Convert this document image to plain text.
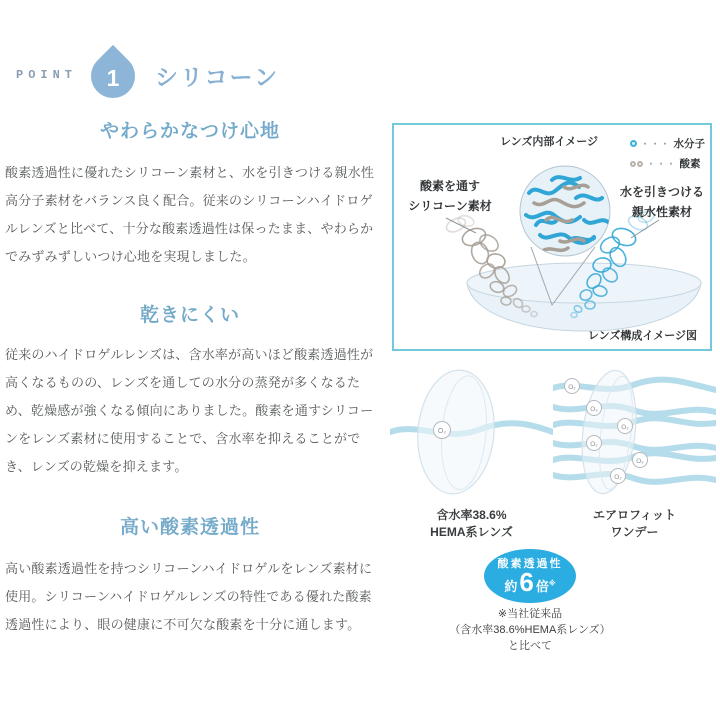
POINT	1	シリコーン
やわらかなつけ心地

酸素透過性に優れたシリコーン素材と、水を引きつける親水性高分子素材をバランス良く配合。従来のシリコーンハイドロゲルレンズと比べて、十分な酸素透過性は保ったまま、やわらかでみずみずしいつけ心地を実現しました。

乾きにくい

従来のハイドロゲルレンズは、含水率が高いほど酸素透過性が高くなるものの、レンズを通しての水分の蒸発が多くなるため、乾燥感が強くなる傾向にありました。酸素を通すシリコーンをレンズ素材に使用することで、含水率を抑えることができ、レンズの乾燥を抑えます。

高い酸素透過性

高い酸素透過性を持つシリコーンハイドロゲルをレンズ素材に使用。シリコーンハイドロゲルレンズの特性である優れた酸素透過性により、眼の健康に不可欠な酸素を十分に通します。

レンズ内部イメージ	・・・ 水分子
・・・ 酸素
酸素を通す
シリコーン素材
水を引きつける
親水性素材
レンズ構成イメージ図
O₂
含水率38.6%
HEMA系レンズ
O₂
O₂
O₂
O₂
O₂
O₂
エアロフィット
ワンデー
酸素透過性
約6 倍※
※当社従来品
（含水率38.6%HEMA系レンズ）
と比べて
